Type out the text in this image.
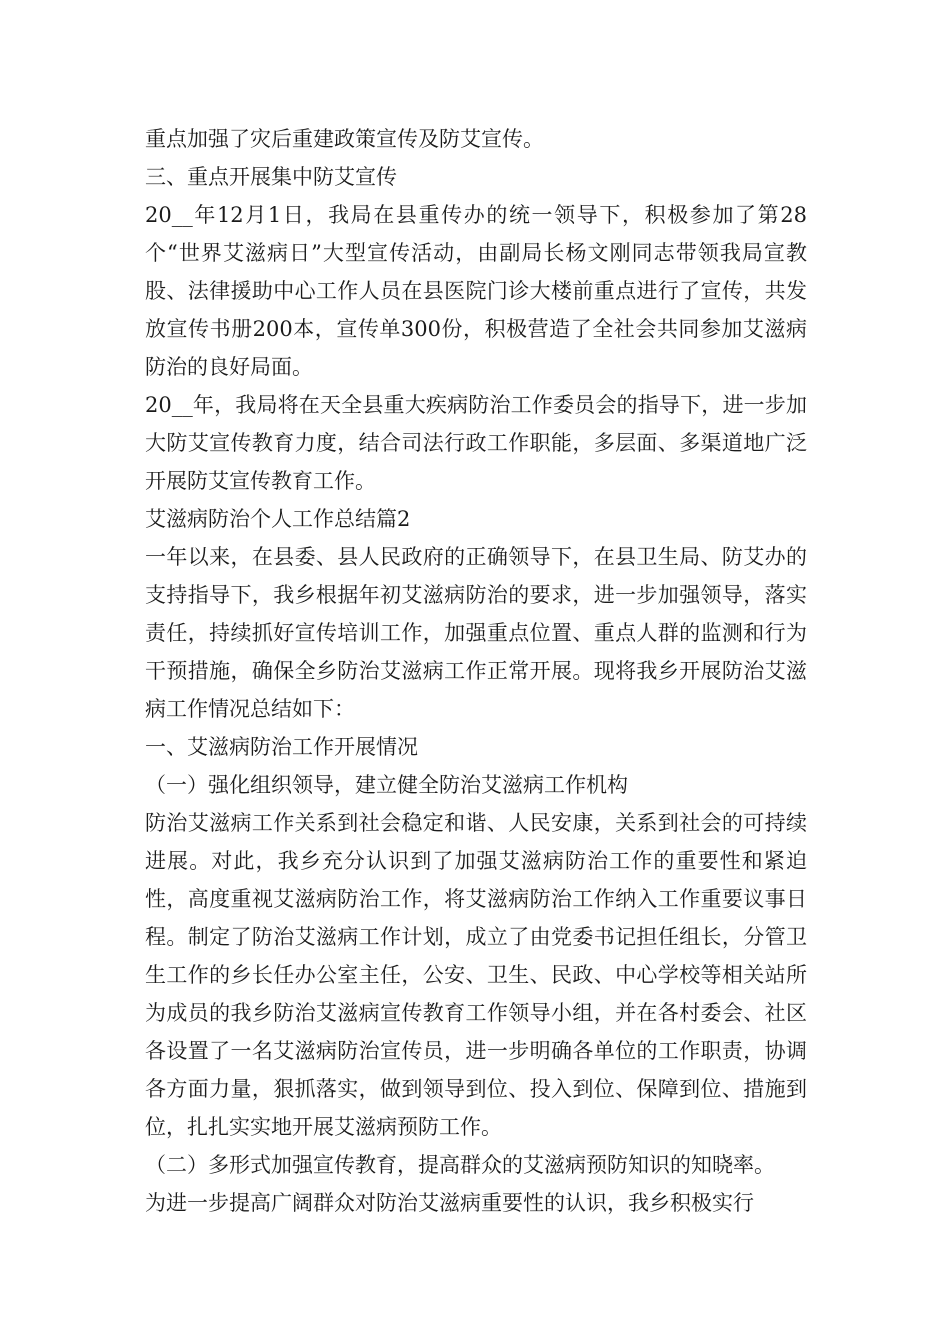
重点加强了灾后重建政策宣传及防艾宣传。

三、重点开展集中防艾宣传

20__年12月1日，我局在县重传办的统一领导下，积极参加了第28个“世界艾滋病日”大型宣传活动，由副局长杨文刚同志带领我局宣教股、法律援助中心工作人员在县医院门诊大楼前重点进行了宣传，共发放宣传书册200本，宣传单300份，积极营造了全社会共同参加艾滋病防治的良好局面。

20__年，我局将在天全县重大疾病防治工作委员会的指导下，进一步加大防艾宣传教育力度，结合司法行政工作职能，多层面、多渠道地广泛开展防艾宣传教育工作。

艾滋病防治个人工作总结篇2

一年以来，在县委、县人民政府的正确领导下，在县卫生局、防艾办的支持指导下，我乡根据年初艾滋病防治的要求，进一步加强领导，落实责任，持续抓好宣传培训工作，加强重点位置、重点人群的监测和行为干预措施，确保全乡防治艾滋病工作正常开展。现将我乡开展防治艾滋病工作情况总结如下：

一、艾滋病防治工作开展情况

（一）强化组织领导，建立健全防治艾滋病工作机构

防治艾滋病工作关系到社会稳定和谐、人民安康，关系到社会的可持续进展。对此，我乡充分认识到了加强艾滋病防治工作的重要性和紧迫性，高度重视艾滋病防治工作，将艾滋病防治工作纳入工作重要议事日程。制定了防治艾滋病工作计划，成立了由党委书记担任组长，分管卫生工作的乡长任办公室主任，公安、卫生、民政、中心学校等相关站所为成员的我乡防治艾滋病宣传教育工作领导小组，并在各村委会、社区各设置了一名艾滋病防治宣传员，进一步明确各单位的工作职责，协调各方面力量，狠抓落实，做到领导到位、投入到位、保障到位、措施到位，扎扎实实地开展艾滋病预防工作。

（二）多形式加强宣传教育，提高群众的艾滋病预防知识的知晓率。

为进一步提高广阔群众对防治艾滋病重要性的认识，我乡积极实行
